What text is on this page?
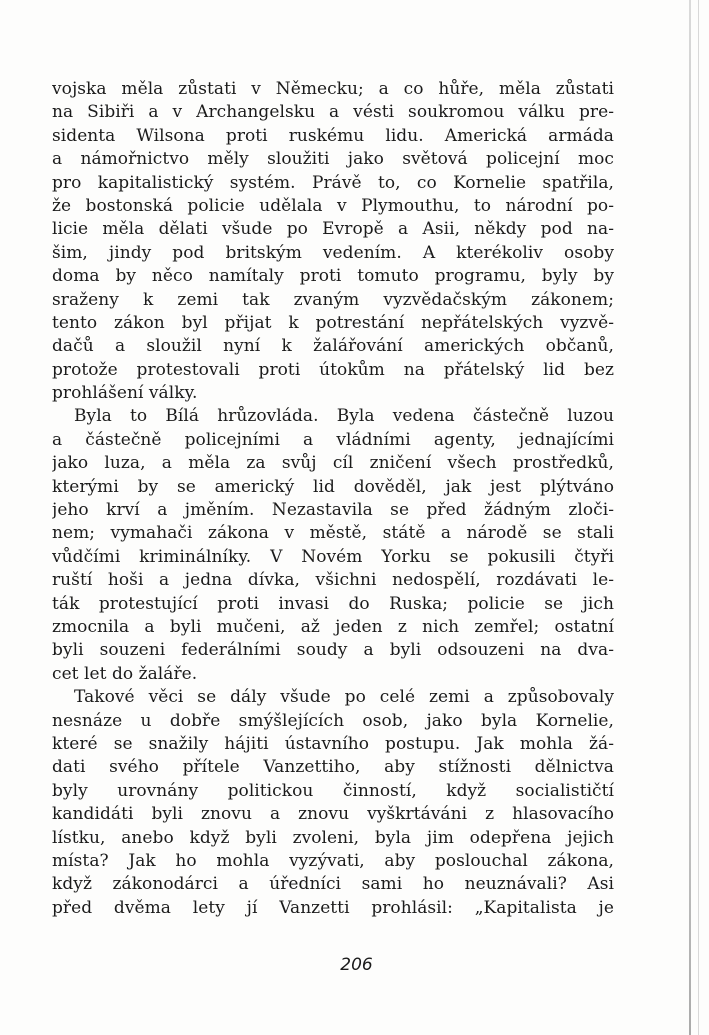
vojska měla zůstati v Německu; a co hůře, měla zůstati
na Sibiři a v Archangelsku a vésti soukromou válku pre-
sidenta Wilsona proti ruskému lidu. Americká armáda
a námořnictvo měly sloužiti jako světová policejní moc
pro kapitalistický systém. Právě to, co Kornelie spatřila,
že bostonská policie udělala v Plymouthu, to národní po-
licie měla dělati všude po Evropě a Asii, někdy pod na-
šim, jindy pod britským vedením. A kterékoliv osoby
doma by něco namítaly proti tomuto programu, byly by
sraženy k zemi tak zvaným vyzvědačským zákonem;
tento zákon byl přijat k potrestání nepřátelských vyzvě-
dačů a sloužil nyní k žalářování amerických občanů,
protože protestovali proti útokům na přátelský lid bez
prohlášení války.
Byla to Bílá hrůzovláda. Byla vedena částečně luzou
a částečně policejními a vládními agenty, jednajícími
jako luza, a měla za svůj cíl zničení všech prostředků,
kterými by se americký lid dověděl, jak jest plýtváno
jeho krví a jměním. Nezastavila se před žádným zloči-
nem; vymahači zákona v městě, státě a národě se stali
vůdčími kriminálníky. V Novém Yorku se pokusili čtyři
ruští hoši a jedna dívka, všichni nedospělí, rozdávati le-
ták protestující proti invasi do Ruska; policie se jich
zmocnila a byli mučeni, až jeden z nich zemřel; ostatní
byli souzeni federálními soudy a byli odsouzeni na dva-
cet let do žaláře.
Takové věci se dály všude po celé zemi a způsobovaly
nesnáze u dobře smýšlejících osob, jako byla Kornelie,
které se snažily hájiti ústavního postupu. Jak mohla žá-
dati svého přítele Vanzettiho, aby stížnosti dělnictva
byly urovnány politickou činností, když socialističtí
kandidáti byli znovu a znovu vyškrtáváni z hlasovacího
lístku, anebo když byli zvoleni, byla jim odepřena jejich
místa? Jak ho mohla vyzývati, aby poslouchal zákona,
když zákonodárci a úředníci sami ho neuznávali? Asi
před dvěma lety jí Vanzetti prohlásil: „Kapitalista je
206
